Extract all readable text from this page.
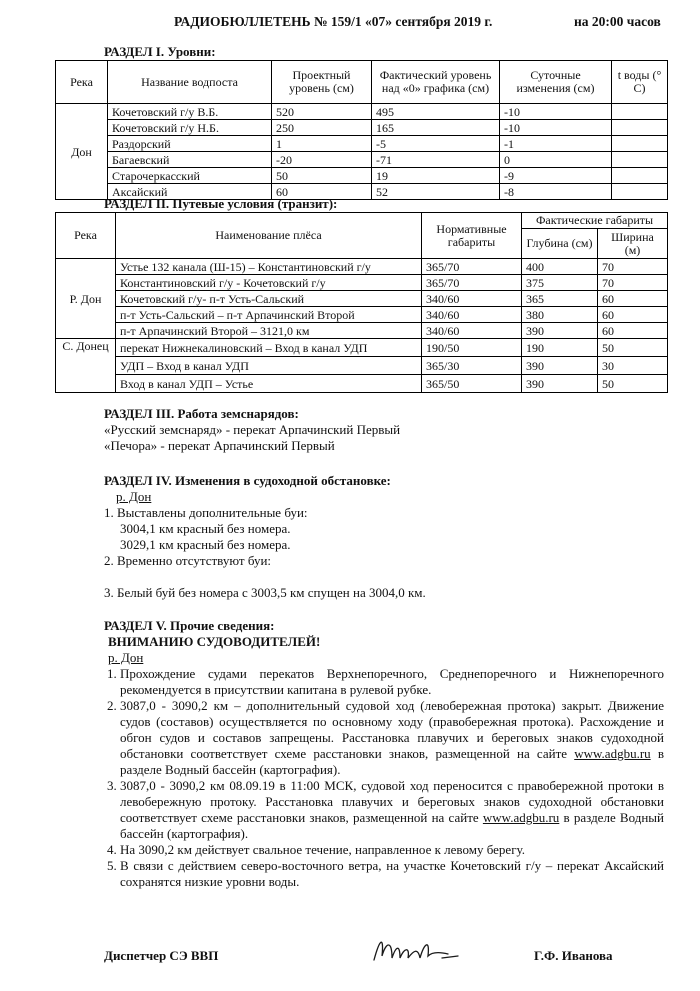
РАДИОБЮЛЛЕТЕНЬ № 159/1 «07» сентября 2019 г.	на 20:00 часов
РАЗДЕЛ I. Уровни:
Река	Название водпоста	Проектный уровень (см)	Фактический уровень над «0» графика (см)	Суточные изменения (см)	t воды (° C)
Дон	Кочетовский г/у В.Б.	520	495	-10	
	Кочетовский г/у Н.Б.	250	165	-10	
	Раздорский	1	-5	-1	
	Багаевский	-20	-71	0	
	Старочеркасский	50	19	-9	
	Аксайский	60	52	-8	
РАЗДЕЛ II. Путевые условия (транзит):
Река	Наименование плёса	Нормативные габариты	Фактические габариты	
			Глубина (см)	Ширина (м)
Р. Дон	Устье 132 канала (Ш-15) – Константиновский г/у	365/70	400	70
	Константиновский г/у - Кочетовский г/у	365/70	375	70
	Кочетовский г/у- п-т Усть-Сальский	340/60	365	60
	п-т Усть-Сальский – п-т Арпачинский Второй	340/60	380	60
	п-т Арпачинский Второй – 3121,0 км	340/60	390	60
С. Донец	перекат Нижнекалиновский – Вход в канал УДП	190/50	190	50
	УДП – Вход в канал УДП	365/30	390	30
	Вход в канал УДП – Устье	365/50	390	50
РАЗДЕЛ III. Работа земснарядов:
«Русский земснаряд» - перекат Арпачинский Первый
«Печора» - перекат Арпачинский Первый
РАЗДЕЛ IV. Изменения в судоходной обстановке:
р. Дон
1. Выставлены дополнительные буи:
3004,1 км красный без номера.
3029,1 км красный без номера.
2. Временно отсутствуют буи:
3. Белый буй без номера с 3003,5 км спущен на 3004,0 км.
РАЗДЕЛ V. Прочие сведения:
ВНИМАНИЮ СУДОВОДИТЕЛЕЙ!
р. Дон
1. Прохождение судами перекатов Верхнепоречного, Среднепоречного и Нижнепоречного рекомендуется в присутствии капитана в рулевой рубке.
2. 3087,0 - 3090,2 км – дополнительный судовой ход (левобережная протока) закрыт. Движение судов (составов) осуществляется по основному ходу (правобережная протока). Расхождение и обгон судов и составов запрещены. Расстановка плавучих и береговых знаков судоходной обстановки соответствует схеме расстановки знаков, размещенной на сайте www.adgbu.ru в разделе Водный бассейн (картография).
3. 3087,0 - 3090,2 км 08.09.19 в 11:00 МСК, судовой ход переносится с правобережной протоки в левобережную протоку. Расстановка плавучих и береговых знаков судоходной обстановки соответствует схеме расстановки знаков, размещенной на сайте www.adgbu.ru в разделе Водный бассейн (картография).
4. На 3090,2 км действует свальное течение, направленное к левому берегу.
5. В связи с действием северо-восточного ветра, на участке Кочетовский г/у – перекат Аксайский сохранятся низкие уровни воды.
Диспетчер СЭ ВВП	Г.Ф. Иванова
